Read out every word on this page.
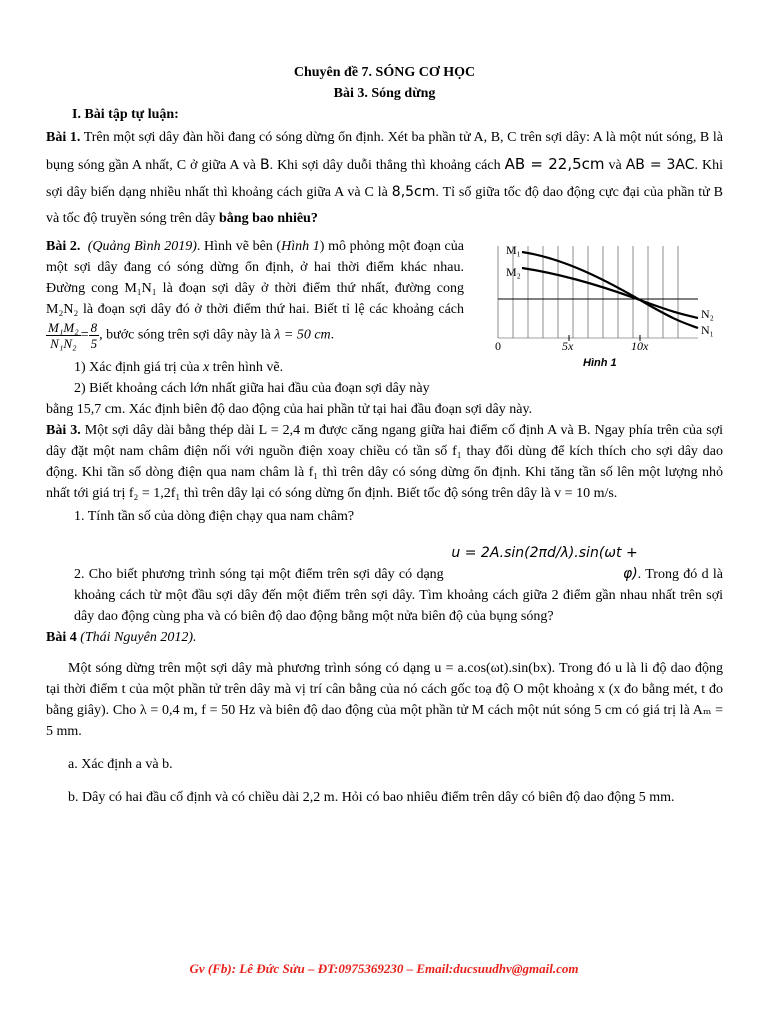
Chuyên đề 7. SÓNG CƠ HỌC
Bài 3. Sóng dừng
I. Bài tập tự luận:

Bài 1. Trên một sợi dây đàn hồi đang có sóng dừng ổn định. Xét ba phần tử A, B, C trên sợi dây: A là một nút sóng, B là bụng sóng gần A nhất, C ở giữa A và B. Khi sợi dây duỗi thẳng thì khoảng cách AB = 22,5cm và AB = 3AC. Khi sợi dây biến dạng nhiều nhất thì khoảng cách giữa A và C là 8,5cm. Tỉ số giữa tốc độ dao động cực đại của phần tử B và tốc độ truyền sóng trên dây bằng bao nhiêu?

Bài 2. (Quảng Bình 2019). Hình vẽ bên (Hình 1) mô phỏng một đoạn của một sợi dây đang có sóng dừng ổn định, ở hai thời điểm khác nhau. Đường cong M₁N₁ là đoạn sợi dây ở thời điểm thứ nhất, đường cong M₂N₂ là đoạn sợi dây đó ở thời điểm thứ hai. Biết tỉ lệ các khoảng cách
$\frac{\text{M₁M₂}}{\text{N₁N₂}} = \frac{8}{5}$ , bước sóng trên sợi dây này là λ = 50 cm.

1) Xác định giá trị của x trên hình vẽ.
2) Biết khoảng cách lớn nhất giữa hai đầu của đoạn sợi dây này
bằng 15,7 cm. Xác định biên độ dao động của hai phần tử tại hai đầu đoạn sợi dây này.

Bài 3. Một sợi dây dài bằng thép dài L = 2,4 m được căng ngang giữa hai điểm cố định A và B. Ngay phía trên của sợi dây đặt một nam châm điện nối với nguồn điện xoay chiều có tần số f₁ thay đổi dùng để kích thích cho sợi dây dao động. Khi tần số dòng điện qua nam châm là f₁ thì trên dây có sóng dừng ổn định. Khi tăng tần số lên một lượng nhỏ nhất tới giá trị f₂ = 1,2f₁ thì trên dây lại có sóng dừng ổn định. Biết tốc độ sóng trên dây là v = 10 m/s.

1. Tính tần số của dòng điện chạy qua nam châm?

2. Cho biết phương trình sóng tại một điểm trên sợi dây có dạngu = 2A.sin(2πd/λ).sin(ωt + φ). Trong đó d là khoảng cách từ một đầu sợi dây đến một điểm trên sợi dây. Tìm khoảng cách giữa 2 điểm gần nhau nhất trên sợi dây dao động cùng pha và có biên độ dao động bằng một nửa biên độ của bụng sóng?

Bài 4 (Thái Nguyên 2012).

Một sóng dừng trên một sợi dây mà phương trình sóng có dạng u = a.cos(ωt).sin(bx). Trong đó u là li độ dao động tại thời điểm t của một phần tử trên dây mà vị trí cân bằng của nó cách gốc toạ độ O một khoảng x (x đo bằng mét, t đo bằng giây). Cho λ = 0,4 m, f = 50 Hz và biên độ dao động của một phần tử M cách một nút sóng 5 cm có giá trị là Aₘ = 5 mm.

a. Xác định a và b.
b. Dây có hai đầu cố định và có chiều dài 2,2 m. Hỏi có bao nhiêu điểm trên dây có biên độ dao động 5 mm.
M₁
M₂
N₂
N₁
0	5x	10x
Hình 1
Gv (Fb): Lê Đức Sửu – ĐT:0975369230 – Email:ducsuudhv@gmail.com
